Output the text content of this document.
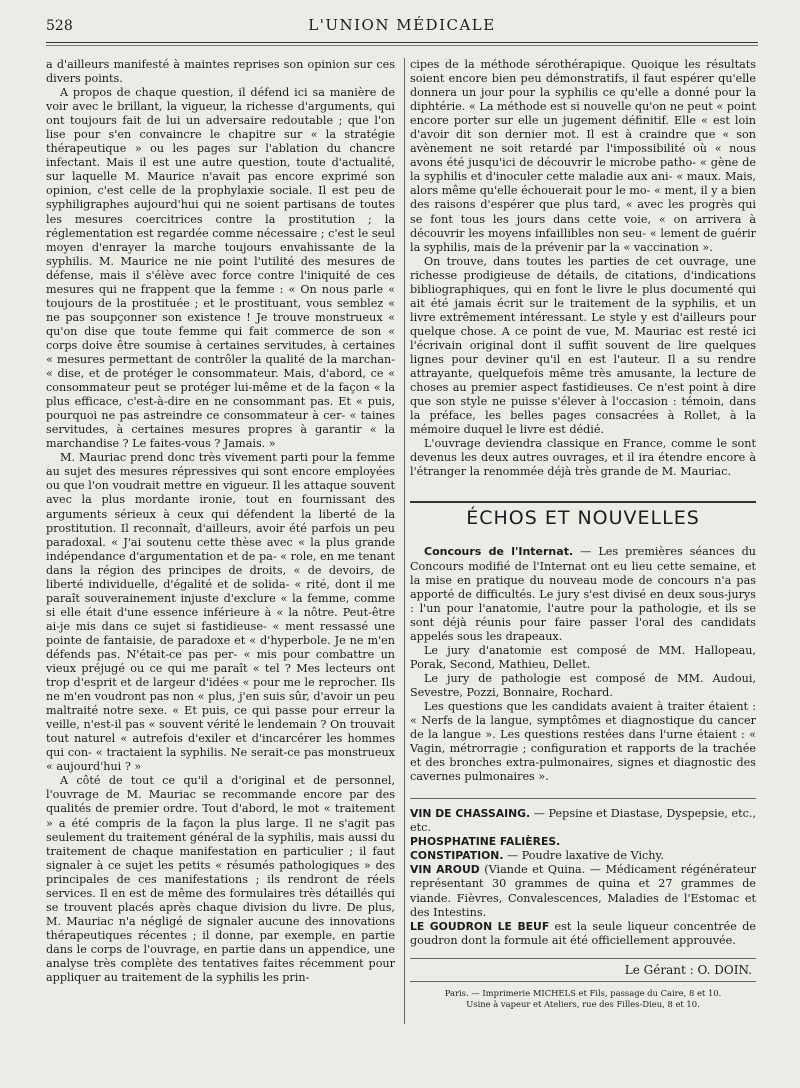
528	L'UNION MÉDICALE

a d'ailleurs manifesté à maintes reprises son opinion sur ces divers points.

A propos de chaque question, il défend ici sa manière de voir avec le brillant, la vigueur, la richesse d'arguments, qui ont toujours fait de lui un adversaire redoutable ; que l'on lise pour s'en convaincre le chapitre sur « la stratégie thérapeutique » ou les pages sur l'ablation du chancre infectant. Mais il est une autre question, toute d'actualité, sur laquelle M. Maurice n'avait pas encore exprimé son opinion, c'est celle de la prophylaxie sociale. Il est peu de syphiligraphes aujourd'hui qui ne soient partisans de toutes les mesures coercitrices contre la prostitution ; la réglementation est regardée comme nécessaire ; c'est le seul moyen d'enrayer la marche toujours envahissante de la syphilis. M. Maurice ne nie point l'utilité des mesures de défense, mais il s'élève avec force contre l'iniquité de ces mesures qui ne frappent que la femme : « On nous parle « toujours de la prostituée ; et le prostituant, vous semblez « ne pas soupçonner son existence ! Je trouve monstrueux « qu'on dise que toute femme qui fait commerce de son « corps doive être soumise à certaines servitudes, à certaines « mesures permettant de contrôler la qualité de la marchan- « dise, et de protéger le consommateur. Mais, d'abord, ce « consommateur peut se protéger lui-même et de la façon « la plus efficace, c'est-à-dire en ne consommant pas. Et « puis, pourquoi ne pas astreindre ce consommateur à cer- « taines servitudes, à certaines mesures propres à garantir « la marchandise ? Le faites-vous ? Jamais. »

M. Mauriac prend donc très vivement parti pour la femme au sujet des mesures répressives qui sont encore employées ou que l'on voudrait mettre en vigueur. Il les attaque souvent avec la plus mordante ironie, tout en fournissant des arguments sérieux à ceux qui défendent la liberté de la prostitution. Il reconnaît, d'ailleurs, avoir été parfois un peu paradoxal. « J'ai soutenu cette thèse avec « la plus grande indépendance d'argumentation et de pa- « role, en me tenant dans la région des principes de droits, « de devoirs, de liberté individuelle, d'égalité et de solida- « rité, dont il me paraît souverainement injuste d'exclure « la femme, comme si elle était d'une essence inférieure à « la nôtre. Peut-être ai-je mis dans ce sujet si fastidieuse- « ment ressassé une pointe de fantaisie, de paradoxe et « d'hyperbole. Je ne m'en défends pas. N'était-ce pas per- « mis pour combattre un vieux préjugé ou ce qui me paraît « tel ? Mes lecteurs ont trop d'esprit et de largeur d'idées « pour me le reprocher. Ils ne m'en voudront pas non « plus, j'en suis sûr, d'avoir un peu maltraité notre sexe. « Et puis, ce qui passe pour erreur la veille, n'est-il pas « souvent vérité le lendemain ? On trouvait tout naturel « autrefois d'exiler et d'incarcérer les hommes qui con- « tractaient la syphilis. Ne serait-ce pas monstrueux « aujourd'hui ? »

A côté de tout ce qu'il a d'original et de personnel, l'ouvrage de M. Mauriac se recommande encore par des qualités de premier ordre. Tout d'abord, le mot « traitement » a été compris de la façon la plus large. Il ne s'agit pas seulement du traitement général de la syphilis, mais aussi du traitement de chaque manifestation en particulier ; il faut signaler à ce sujet les petits « résumés pathologiques » des principales de ces manifestations ; ils rendront de réels services. Il en est de même des formulaires très détaillés qui se trouvent placés après chaque division du livre. De plus, M. Mauriac n'a négligé de signaler aucune des innovations thérapeutiques récentes ; il donne, par exemple, en partie dans le corps de l'ouvrage, en partie dans un appendice, une analyse très complète des tentatives faites récemment pour appliquer au traitement de la syphilis les prin-

cipes de la méthode sérothérapique. Quoique les résultats soient encore bien peu démonstratifs, il faut espérer qu'elle donnera un jour pour la syphilis ce qu'elle a donné pour la diphtérie. « La méthode est si nouvelle qu'on ne peut « point encore porter sur elle un jugement définitif. Elle « est loin d'avoir dit son dernier mot. Il est à craindre que « son avènement ne soit retardé par l'impossibilité où « nous avons été jusqu'ici de découvrir le microbe patho- « gène de la syphilis et d'inoculer cette maladie aux ani- « maux. Mais, alors même qu'elle échouerait pour le mo- « ment, il y a bien des raisons d'espérer que plus tard, « avec les progrès qui se font tous les jours dans cette voie, « on arrivera à découvrir les moyens infaillibles non seu- « lement de guérir la syphilis, mais de la prévenir par la « vaccination ».

On trouve, dans toutes les parties de cet ouvrage, une richesse prodigieuse de détails, de citations, d'indications bibliographiques, qui en font le livre le plus documenté qui ait été jamais écrit sur le traitement de la syphilis, et un livre extrêmement intéressant. Le style y est d'ailleurs pour quelque chose. A ce point de vue, M. Mauriac est resté ici l'écrivain original dont il suffit souvent de lire quelques lignes pour deviner qu'il en est l'auteur. Il a su rendre attrayante, quelquefois même très amusante, la lecture de choses au premier aspect fastidieuses. Ce n'est point à dire que son style ne puisse s'élever à l'occasion : témoin, dans la préface, les belles pages consacrées à Rollet, à la mémoire duquel le livre est dédié.

L'ouvrage deviendra classique en France, comme le sont devenus les deux autres ouvrages, et il ira étendre encore à l'étranger la renommée déjà très grande de M. Mauriac.

ÉCHOS ET NOUVELLES

Concours de l'Internat. — Les premières séances du Concours modifié de l'Internat ont eu lieu cette semaine, et la mise en pratique du nouveau mode de concours n'a pas apporté de difficultés. Le jury s'est divisé en deux sous-jurys : l'un pour l'anatomie, l'autre pour la pathologie, et ils se sont déjà réunis pour faire passer l'oral des candidats appelés sous les drapeaux.

Le jury d'anatomie est composé de MM. Hallopeau, Porak, Second, Mathieu, Dellet.

Le jury de pathologie est composé de MM. Audoui, Sevestre, Pozzi, Bonnaire, Rochard.

Les questions que les candidats avaient à traiter étaient : « Nerfs de la langue, symptômes et diagnostique du cancer de la langue ». Les questions restées dans l'urne étaient : « Vagin, métrorragie ; configuration et rapports de la trachée et des bronches extra-pulmonaires, signes et diagnostic des cavernes pulmonaires ».

VIN DE CHASSAING. — Pepsine et Diastase, Dyspepsie, etc., etc.

PHOSPHATINE FALIÈRES.

CONSTIPATION. — Poudre laxative de Vichy.

VIN AROUD (Viande et Quina. — Médicament régénérateur représentant 30 grammes de quina et 27 grammes de viande. Fièvres, Convalescences, Maladies de l'Estomac et des Intestins.

LE GOUDRON LE BEUF est la seule liqueur concentrée de goudron dont la formule ait été officiellement approuvée.

Le Gérant : O. DOIN.
Paris. — Imprimerie MICHELS et Fils, passage du Caire, 8 et 10.
Usine à vapeur et Ateliers, rue des Filles-Dieu, 8 et 10.
